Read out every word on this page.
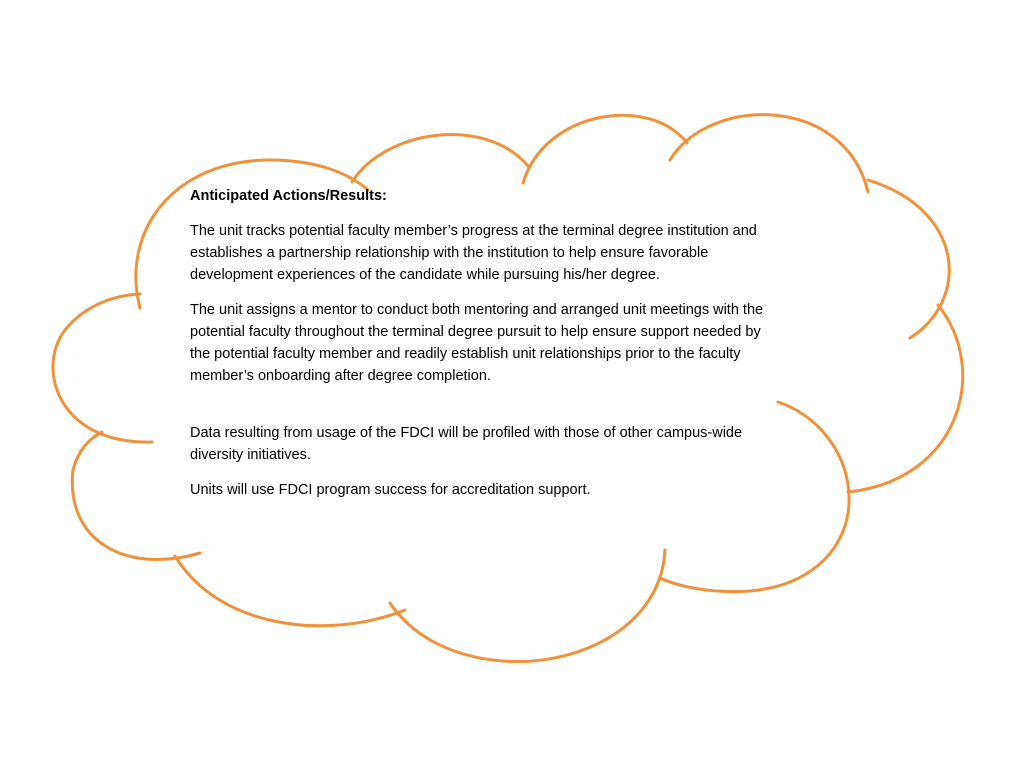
Anticipated Actions/Results:

The unit tracks potential faculty member’s progress at the terminal degree institution and establishes a partnership relationship with the institution to help ensure favorable development experiences of the candidate while pursuing his/her degree.

The unit assigns a mentor to conduct both mentoring and arranged unit meetings with the potential faculty throughout the terminal degree pursuit to help ensure support needed by the potential faculty member and readily establish unit relationships prior to the faculty member’s onboarding after degree completion.

Data resulting from usage of the FDCI will be profiled with those of other campus-wide diversity initiatives.

Units will use FDCI program success for accreditation support.
